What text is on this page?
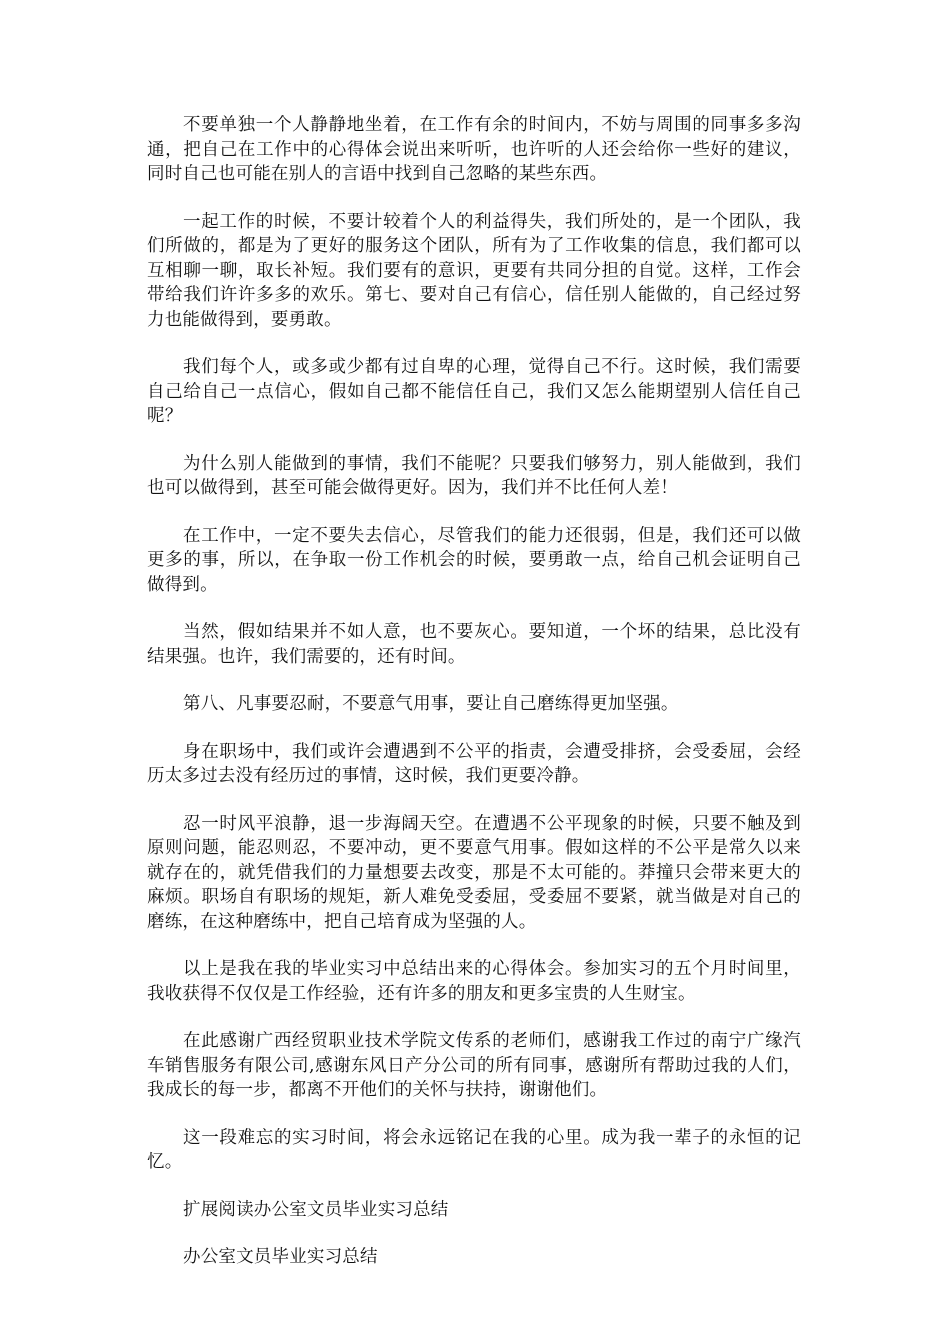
不要单独一个人静静地坐着，在工作有余的时间内，不妨与周围的同事多多沟通，把自己在工作中的心得体会说出来听听，也许听的人还会给你一些好的建议，同时自己也可能在别人的言语中找到自己忽略的某些东西。

一起工作的时候，不要计较着个人的利益得失，我们所处的，是一个团队，我们所做的，都是为了更好的服务这个团队，所有为了工作收集的信息，我们都可以互相聊一聊，取长补短。我们要有的意识，更要有共同分担的自觉。这样，工作会带给我们许许多多的欢乐。第七、要对自己有信心，信任别人能做的，自己经过努力也能做得到，要勇敢。

我们每个人，或多或少都有过自卑的心理，觉得自己不行。这时候，我们需要自己给自己一点信心，假如自己都不能信任自己，我们又怎么能期望别人信任自己呢？

为什么别人能做到的事情，我们不能呢？只要我们够努力，别人能做到，我们也可以做得到，甚至可能会做得更好。因为，我们并不比任何人差！

在工作中，一定不要失去信心，尽管我们的能力还很弱，但是，我们还可以做更多的事，所以，在争取一份工作机会的时候，要勇敢一点，给自己机会证明自己做得到。

当然，假如结果并不如人意，也不要灰心。要知道，一个坏的结果，总比没有结果强。也许，我们需要的，还有时间。

第八、凡事要忍耐，不要意气用事，要让自己磨练得更加坚强。

身在职场中，我们或许会遭遇到不公平的指责，会遭受排挤，会受委屈，会经历太多过去没有经历过的事情，这时候，我们更要冷静。

忍一时风平浪静，退一步海阔天空。在遭遇不公平现象的时候，只要不触及到原则问题，能忍则忍，不要冲动，更不要意气用事。假如这样的不公平是常久以来就存在的，就凭借我们的力量想要去改变，那是不太可能的。莽撞只会带来更大的麻烦。职场自有职场的规矩，新人难免受委屈，受委屈不要紧，就当做是对自己的磨练，在这种磨练中，把自己培育成为坚强的人。

以上是我在我的毕业实习中总结出来的心得体会。参加实习的五个月时间里，我收获得不仅仅是工作经验，还有许多的朋友和更多宝贵的人生财宝。

在此感谢广西经贸职业技术学院文传系的老师们，感谢我工作过的南宁广缘汽车销售服务有限公司,感谢东风日产分公司的所有同事，感谢所有帮助过我的人们，我成长的每一步，都离不开他们的关怀与扶持，谢谢他们。

这一段难忘的实习时间，将会永远铭记在我的心里。成为我一辈子的永恒的记忆。

扩展阅读办公室文员毕业实习总结

办公室文员毕业实习总结
